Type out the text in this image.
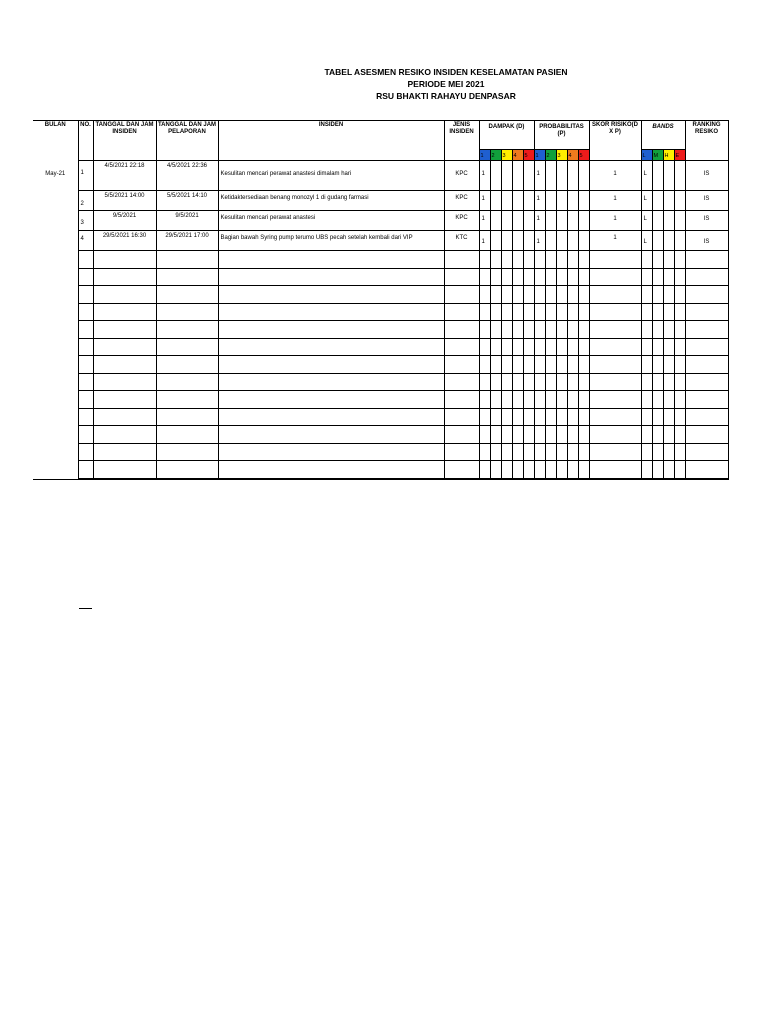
TABEL ASESMEN RESIKO INSIDEN KESELAMATAN PASIEN
PERIODE MEI 2021
RSU BHAKTI RAHAYU DENPASAR
BULAN	NO.	TANGGAL DAN JAM INSIDEN	TANGGAL DAN JAM PELAPORAN	INSIDEN	JENIS INSIDEN	DAMPAK (D)					PROBABILITAS (P)					SKOR RISIKO(D X P)	BANDS				RANKING RESIKO
						1	2	3	4	5	1	2	3	4	5		L	M	H	E	
May-21	1	4/5/2021 22:18	4/5/2021 22:36	Kesulitan mencari perawat anastesi dimalam hari	KPC	1					1					1	L				IS
	2	5/5/2021 14:00	5/5/2021 14:10	Ketidaktersediaan benang monozyl 1 di gudang farmasi	KPC	1					1					1	L				IS
	3	9/5/2021	9/5/2021	Kesulitan mencari perawat anastesi	KPC	1					1					1	L				IS
	4	29/5/2021 16:30	29/5/2021 17:00	Bagian bawah Syring pump terumo UBS pecah setelah kembali dari VIP	KTC	1					1					1	L				IS
